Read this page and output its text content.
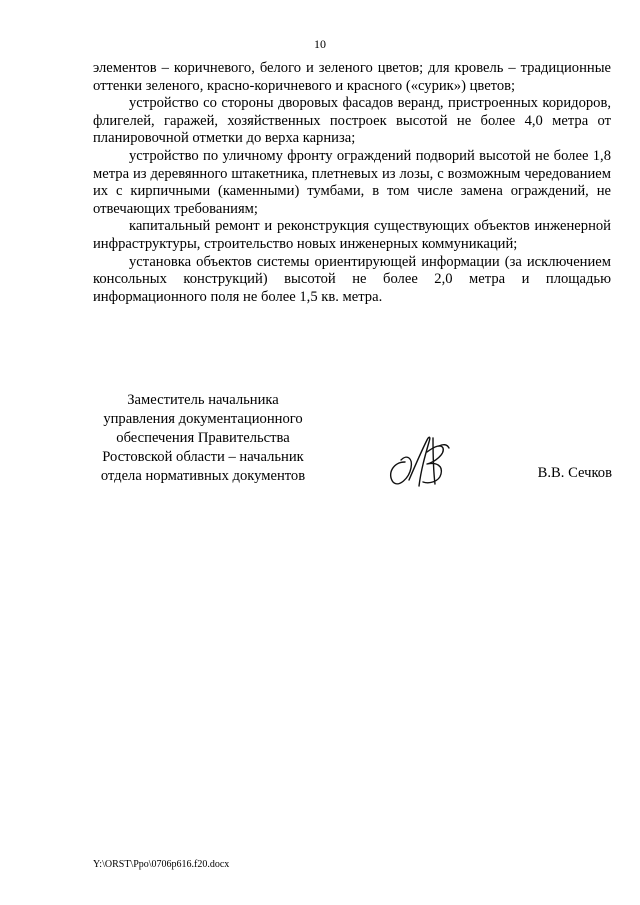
10

элементов – коричневого, белого и зеленого цветов; для кровель – традиционные оттенки зеленого, красно-коричневого и красного («сурик») цветов;

устройство со стороны дворовых фасадов веранд, пристроенных коридоров, флигелей, гаражей, хозяйственных построек высотой не более 4,0 метра от планировочной отметки до верха карниза;

устройство по уличному фронту ограждений подворий высотой не более 1,8 метра из деревянного штакетника, плетневых из лозы, с возможным чередованием их с кирпичными (каменными) тумбами, в том числе замена ограждений, не отвечающих требованиям;

капитальный ремонт и реконструкция существующих объектов инженерной инфраструктуры, строительство новых инженерных коммуникаций;

установка объектов системы ориентирующей информации (за исключением консольных конструкций) высотой не более 2,0 метра и площадью информационного поля не более 1,5 кв. метра.

Заместитель начальника
управления документационного
обеспечения Правительства
Ростовской области – начальник
отдела нормативных документов	В.В. Сечков
Y:\ORST\Ppo\0706p616.f20.docx
